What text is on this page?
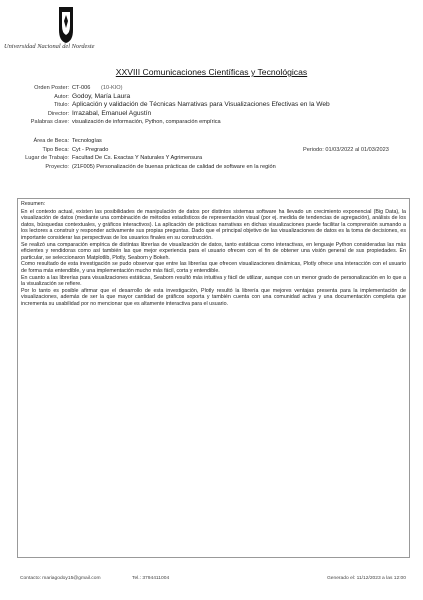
Universidad Nacional del Nordeste
XXVIII Comunicaciones Científicas y Tecnológicas
Orden Poster: CT-006 (10-KIO)
Autor: Godoy, María Laura
Titulo: Aplicación y validación de Técnicas Narrativas para Visualizaciones Efectivas en la Web
Director: Irrazabal, Emanuel Agustín
Palabras clave: visualización de información, Python, comparación empírica
Área de Beca: Tecnologías
Tipo Beca: Cyt - Pregrado	Periodo: 01/03/2022 al 01/03/2023
Lugar de Trabajo: Facultad De Cs. Exactas Y Naturales Y Agrimensura
Proyecto: (21F005) Personalización de buenas prácticas de calidad de software en la región
Resumen:

En el contexto actual, existen las posibilidades de manipulación de datos por distintos sistemas software ha llevado un crecimiento exponencial (Big Data), la visualización de datos (mediante una combinación de métodos estadísticos de representación visual (por ej. medida de tendencias de agregación), análisis de los datos, búsquedas contextuales, y gráficos interactivos). La aplicación de prácticas narrativas en dichas visualizaciones puede facilitar la comprensión sumando a los lectores a construir y responder activamente sus propias preguntas. Dado que el principal objetivo de las visualizaciones de datos es la toma de decisiones, es importante considerar las perspectivas de los usuarios finales en su construcción.

Se realizó una comparación empírica de distintas librerías de visualización de datos, tanto estáticas como interactivas, en lenguaje Python consideradas las más eficientes y rendidoras como así también las que mejor experiencia para el usuario ofrecen con el fin de obtener una visión general de sus propiedades. En particular, se seleccionaron Matplotlib, Plotly, Seaborn y Bokeh.

Como resultado de esta investigación se pudo observar que entre las librerías que ofrecen visualizaciones dinámicas, Plotly ofrece una interacción con el usuario de forma más entendible, y una implementación mucho más fácil, corta y entendible.

En cuanto a las librerías para visualizaciones estáticas, Seaborn resultó más intuitiva y fácil de utilizar, aunque con un menor grado de personalización en lo que a la visualización se refiere.

Por lo tanto es posible afirmar que el desarrollo de esta investigación, Plotly resultó la librería que mejores ventajas presenta para la implementación de visualizaciones, además de ser la que mayor cantidad de gráficos soporta y también cuenta con una comunidad activa y una documentación completa que incrementa su usabilidad por no mencionar que es altamente interactiva para el usuario.

Contacto: mariagodoy15@gmail.com	Tel.: 3794411004	Generado el: 11/12/2023 a las 12:00
